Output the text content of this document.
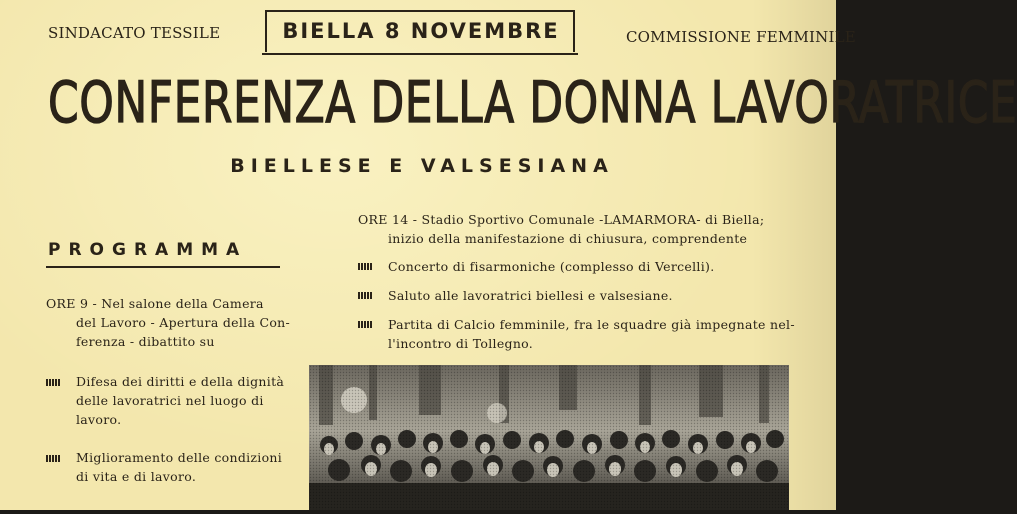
SINDACATO TESSILE	BIELLA 8 NOVEMBRE	COMMISSIONE FEMMINILE
CONFERENZA DELLA DONNA LAVORATRICE
BIELLESE E VALSESIANA
PROGRAMMA
ORE 9 - Nel salone della Camera
del Lavoro - Apertura della Con-
ferenza - dibattito su
Difesa dei diritti e della dignità
delle lavoratrici nel luogo di
lavoro.
Miglioramento delle condizioni
di vita e di lavoro.
ORE 14 - Stadio Sportivo Comunale -LAMARMORA- di Biella;
inizio della manifestazione di chiusura, comprendente
Concerto di fisarmoniche (complesso di Vercelli).
Saluto alle lavoratrici biellesi e valsesiane.
Partita di Calcio femminile, fra le squadre già impegnate nel-
l'incontro di Tollegno.
